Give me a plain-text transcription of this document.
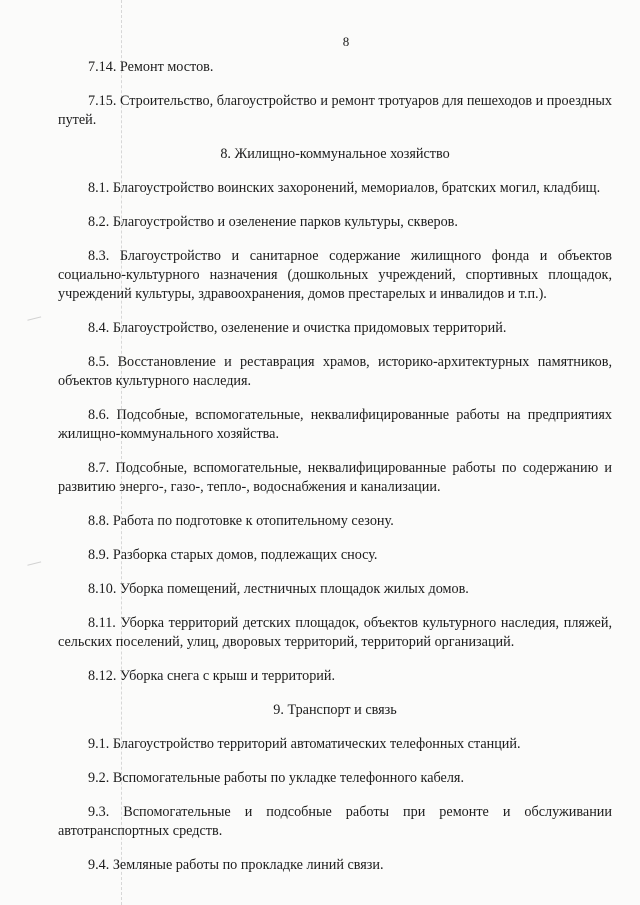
8

7.14. Ремонт мостов.

7.15. Строительство, благоустройство и ремонт тротуаров для пешеходов и проездных путей.

8. Жилищно-коммунальное хозяйство

8.1. Благоустройство воинских захоронений, мемориалов, братских могил, кладбищ.

8.2. Благоустройство и озеленение парков культуры, скверов.

8.3. Благоустройство и санитарное содержание жилищного фонда и объектов социально-культурного назначения (дошкольных учреждений, спортивных площадок, учреждений культуры, здравоохранения, домов престарелых и инвалидов и т.п.).

8.4. Благоустройство, озеленение и очистка придомовых территорий.

8.5. Восстановление и реставрация храмов, историко-архитектурных памятников, объектов культурного наследия.

8.6. Подсобные, вспомогательные, неквалифицированные работы на предприятиях жилищно-коммунального хозяйства.

8.7. Подсобные, вспомогательные, неквалифицированные работы по содержанию и развитию энерго-, газо-, тепло-, водоснабжения и канализации.

8.8. Работа по подготовке к отопительному сезону.

8.9. Разборка старых домов, подлежащих сносу.

8.10. Уборка помещений, лестничных площадок жилых домов.

8.11. Уборка территорий детских площадок, объектов культурного наследия, пляжей, сельских поселений, улиц, дворовых территорий, территорий организаций.

8.12. Уборка снега с крыш и территорий.

9. Транспорт и связь

9.1. Благоустройство территорий автоматических телефонных станций.

9.2. Вспомогательные работы по укладке телефонного кабеля.

9.3. Вспомогательные и подсобные работы при ремонте и обслуживании автотранспортных средств.

9.4. Земляные работы по прокладке линий связи.
